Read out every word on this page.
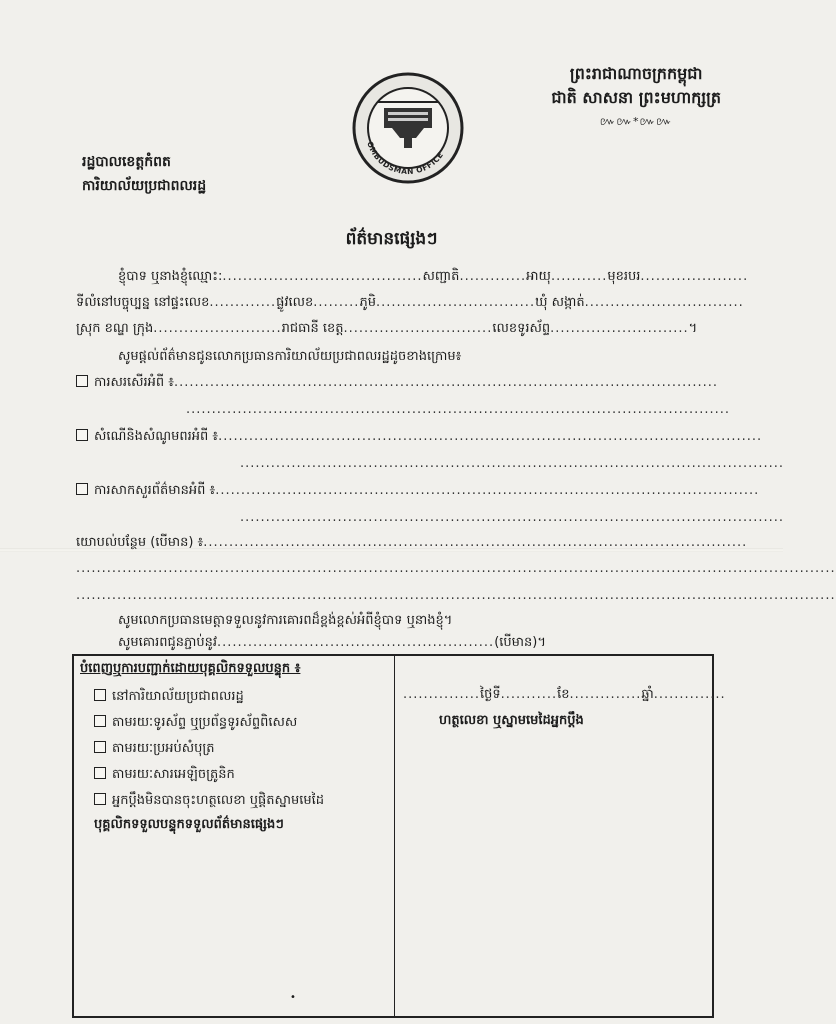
ព្រះរាជាណាចក្រកម្ពុជា
ជាតិ សាសនា ព្រះមហាក្សត្រ
៚៚*៚៚
OMBUDSMAN OFFICE
រដ្ឋបាលខេត្តកំពត
ការិយាល័យប្រជាពលរដ្ឋ
ព័ត៌មានផ្សេងៗ
ខ្ញុំបាទ ឬនាងខ្ញុំឈ្មោះ:.......................................សញ្ជាតិ.............អាយុ...........មុខរបរ.....................
ទីលំនៅបច្ចុប្បន្ន នៅផ្ទះលេខ.............ផ្លូវលេខ.........ភូមិ...............................ឃុំ សង្កាត់...............................
ស្រុក ខណ្ឌ ក្រុង.........................រាជធានី ខេត្ត.............................លេខទូរស័ព្ទ...........................។
សូមផ្តល់ព័ត៌មានជូនលោកប្រធានការិយាល័យប្រជាពលរដ្ឋដូចខាងក្រោម៖
ការសរសើរអំពី ៖..........................................................................................................
..........................................................................................................
សំណើនិងសំណូមពរអំពី ៖..........................................................................................................
..........................................................................................................
ការសាកសួរព័ត៌មានអំពី ៖..........................................................................................................
..........................................................................................................
យោបល់បន្ថែម (បើមាន) ៖..........................................................................................................
....................................................................................................................................................
....................................................................................................................................................
សូមលោកប្រធានមេត្តាទទួលនូវការគោរពដ៏ខ្ពង់ខ្ពស់អំពីខ្ញុំបាទ ឬនាងខ្ញុំ។
សូមគោរពជូនភ្ជាប់នូវ......................................................(បើមាន)។
បំពេញឬការបញ្ជាក់ដោយបុគ្គលិកទទួលបន្ទុក ៖
នៅការិយាល័យប្រជាពលរដ្ឋ
តាមរយៈទូរស័ព្ទ ឬប្រព័ន្ធទូរស័ព្ទពិសេស
តាមរយៈប្រអប់សំបុត្រ
តាមរយៈសារអេឡិចត្រូនិក
អ្នកប្តឹងមិនបានចុះហត្ថលេខា ឬផ្តិតស្នាមមេដៃ
បុគ្គលិកទទួលបន្ទុកទទួលព័ត៌មានផ្សេងៗ
•
...............ថ្ងៃទី...........ខែ..............ឆ្នាំ..............
ហត្ថលេខា ឬស្នាមមេដៃអ្នកប្តឹង
